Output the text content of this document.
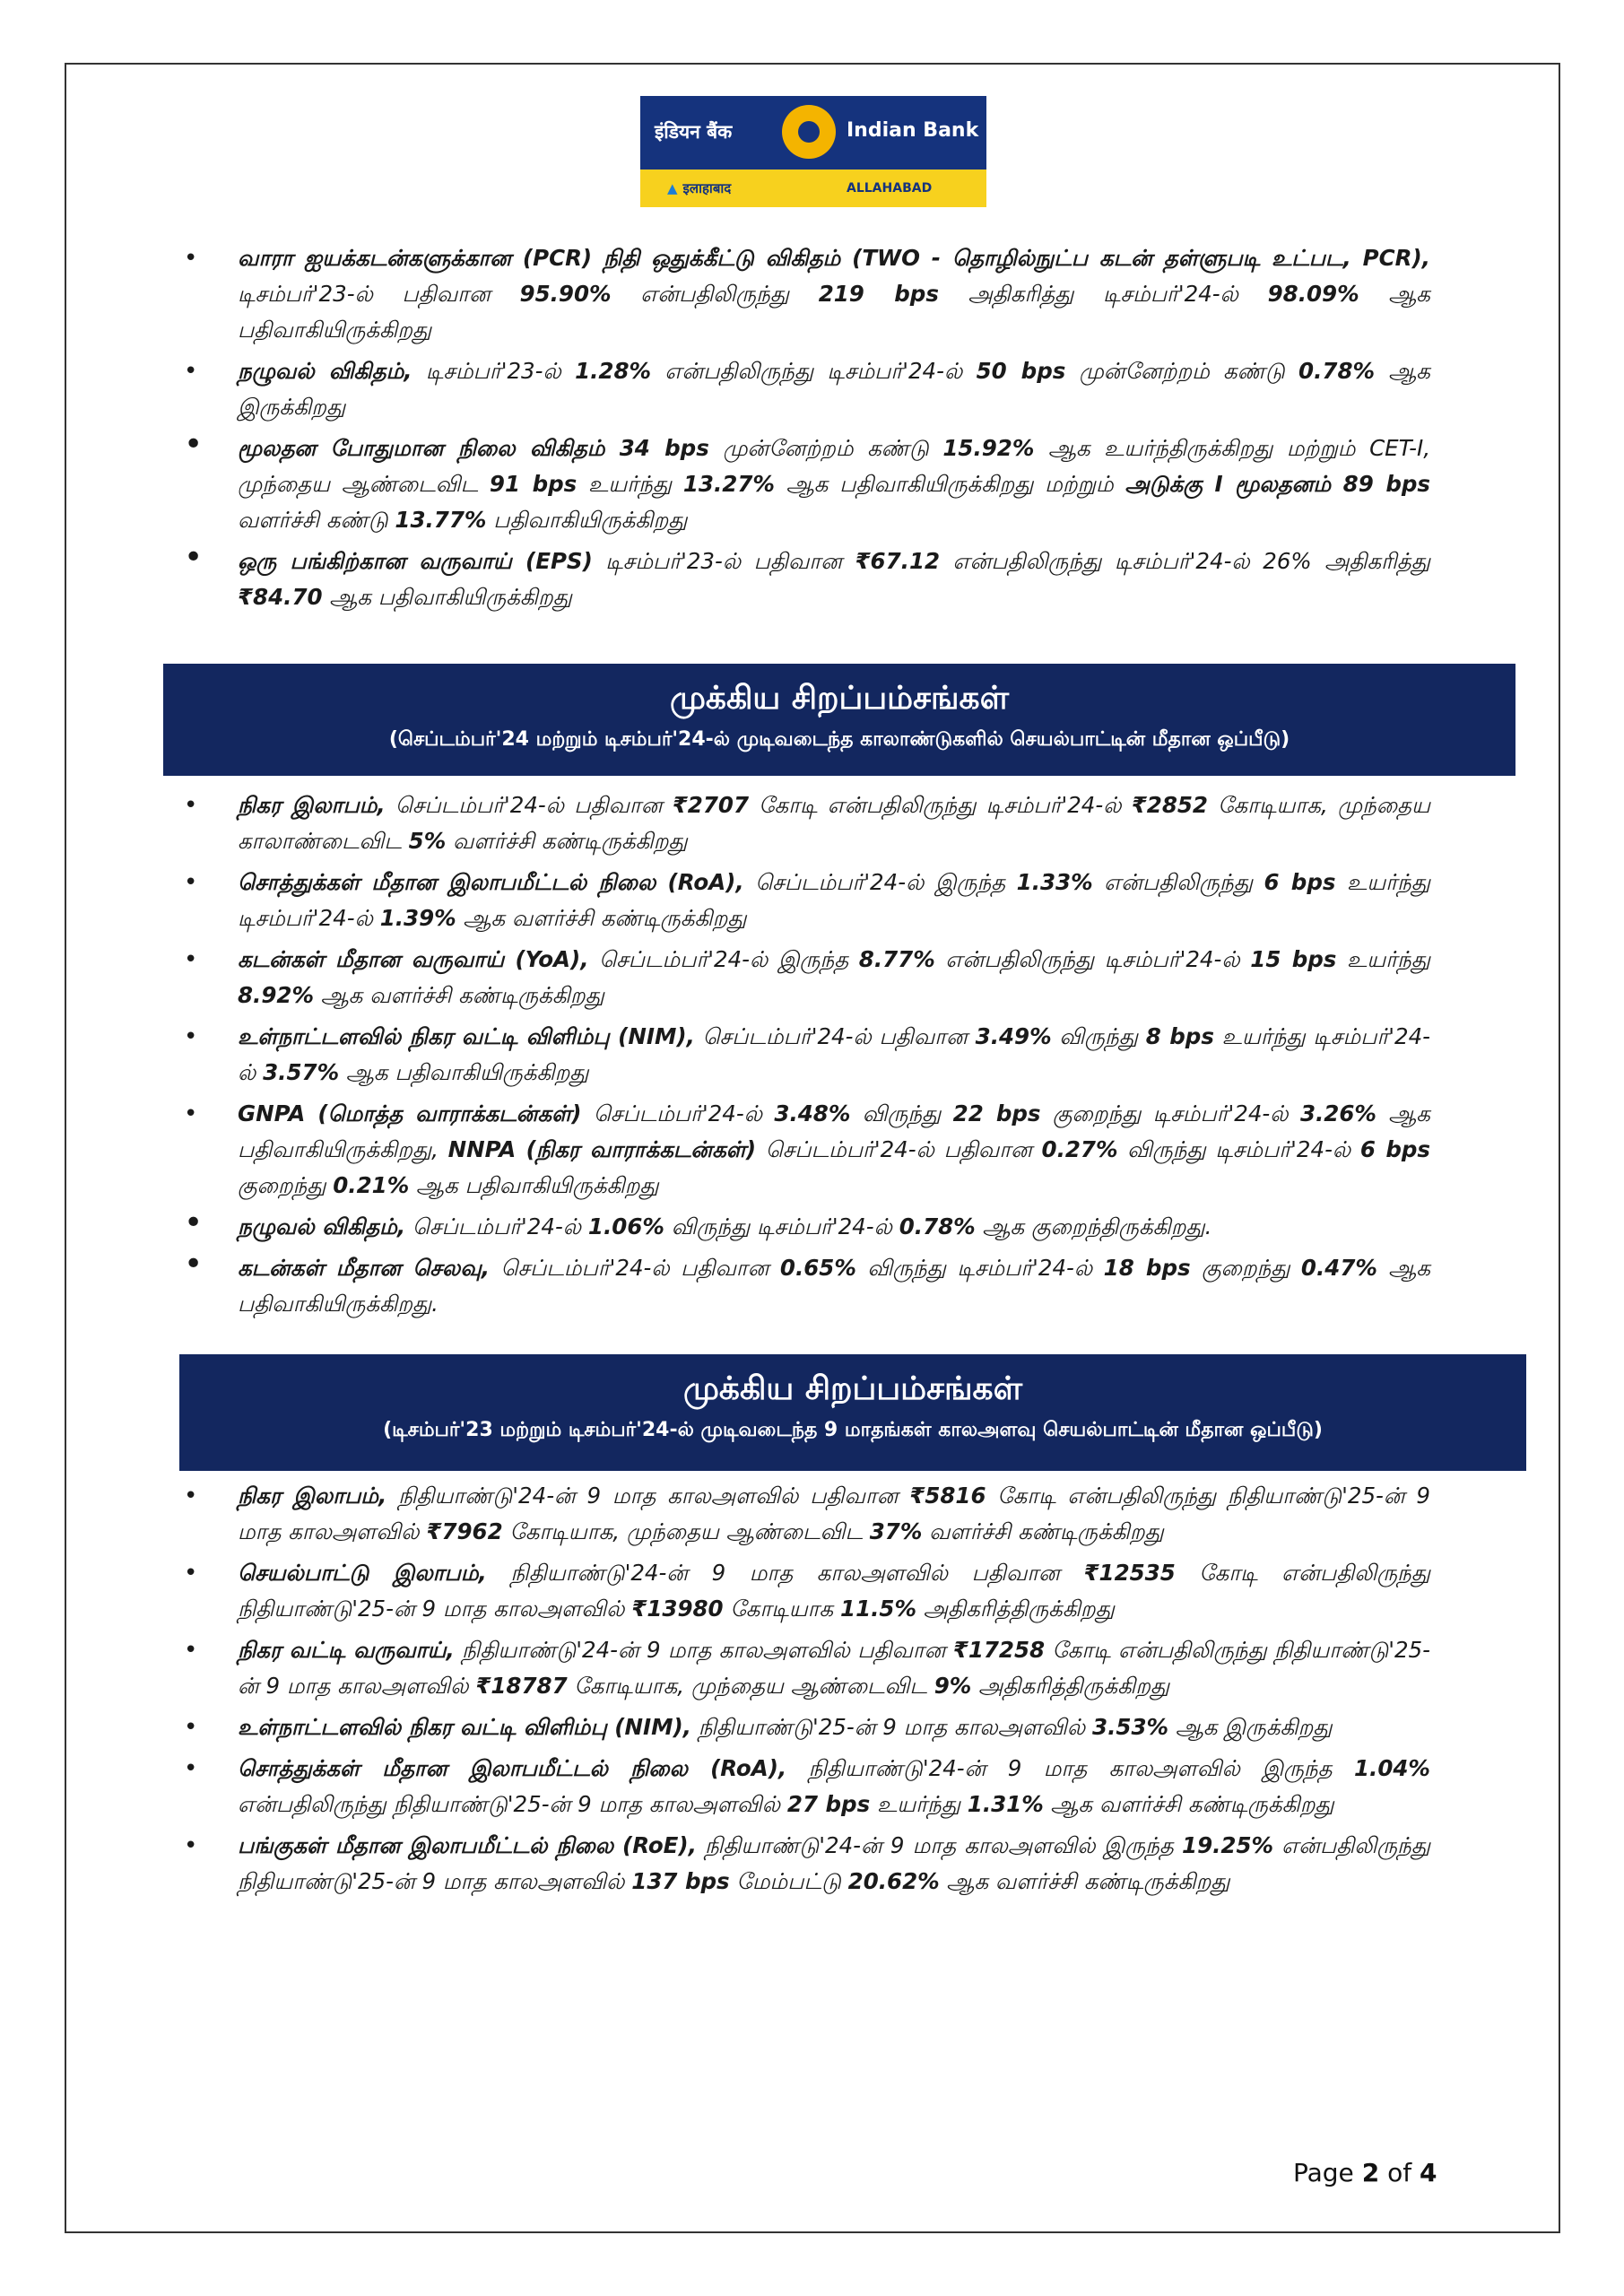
इंडियन बैंक	Indian Bank
▲ इलाहाबाद	ALLAHABAD
• வாரா ஐயக்கடன்களுக்கான (PCR) நிதி ஒதுக்கீட்டு விகிதம் (TWO - தொழில்நுட்ப கடன் தள்ளுபடி உட்பட, PCR), டிசம்பர்'23-ல் பதிவான 95.90% என்பதிலிருந்து 219 bps அதிகரித்து டிசம்பர்'24-ல் 98.09% ஆக பதிவாகியிருக்கிறது
• நழுவல் விகிதம், டிசம்பர்'23-ல் 1.28% என்பதிலிருந்து டிசம்பர்'24-ல் 50 bps முன்னேற்றம் கண்டு 0.78% ஆக இருக்கிறது
• மூலதன போதுமான நிலை விகிதம் 34 bps முன்னேற்றம் கண்டு 15.92% ஆக உயர்ந்திருக்கிறது மற்றும் CET-I, முந்தைய ஆண்டைவிட 91 bps உயர்ந்து 13.27% ஆக பதிவாகியிருக்கிறது மற்றும் அடுக்கு I மூலதனம் 89 bps வளர்ச்சி கண்டு 13.77% பதிவாகியிருக்கிறது
• ஒரு பங்கிற்கான வருவாய் (EPS) டிசம்பர்'23-ல் பதிவான ₹67.12 என்பதிலிருந்து டிசம்பர்'24-ல் 26% அதிகரித்து ₹84.70 ஆக பதிவாகியிருக்கிறது
முக்கிய சிறப்பம்சங்கள்
(செப்டம்பர்'24 மற்றும் டிசம்பர்'24-ல் முடிவடைந்த காலாண்டுகளில் செயல்பாட்டின் மீதான ஒப்பீடு)
• நிகர இலாபம், செப்டம்பர்'24-ல் பதிவான ₹2707 கோடி என்பதிலிருந்து டிசம்பர்'24-ல் ₹2852 கோடியாக, முந்தைய காலாண்டைவிட 5% வளர்ச்சி கண்டிருக்கிறது
• சொத்துக்கள் மீதான இலாபமீட்டல் நிலை (RoA), செப்டம்பர்'24-ல் இருந்த 1.33% என்பதிலிருந்து 6 bps உயர்ந்து டிசம்பர்'24-ல் 1.39% ஆக வளர்ச்சி கண்டிருக்கிறது
• கடன்கள் மீதான வருவாய் (YoA), செப்டம்பர்'24-ல் இருந்த 8.77% என்பதிலிருந்து டிசம்பர்'24-ல் 15 bps உயர்ந்து 8.92% ஆக வளர்ச்சி கண்டிருக்கிறது
• உள்நாட்டளவில் நிகர வட்டி விளிம்பு (NIM), செப்டம்பர்'24-ல் பதிவான 3.49% விருந்து 8 bps உயர்ந்து டிசம்பர்'24-ல் 3.57% ஆக பதிவாகியிருக்கிறது
• GNPA (மொத்த வாராக்கடன்கள்) செப்டம்பர்'24-ல் 3.48% விருந்து 22 bps குறைந்து டிசம்பர்'24-ல் 3.26% ஆக பதிவாகியிருக்கிறது, NNPA (நிகர வாராக்கடன்கள்) செப்டம்பர்'24-ல் பதிவான 0.27% விருந்து டிசம்பர்'24-ல் 6 bps குறைந்து 0.21% ஆக பதிவாகியிருக்கிறது
• நழுவல் விகிதம், செப்டம்பர்'24-ல் 1.06% விருந்து டிசம்பர்'24-ல் 0.78% ஆக குறைந்திருக்கிறது.
• கடன்கள் மீதான செலவு, செப்டம்பர்'24-ல் பதிவான 0.65% விருந்து டிசம்பர்'24-ல் 18 bps குறைந்து 0.47% ஆக பதிவாகியிருக்கிறது.
முக்கிய சிறப்பம்சங்கள்
(டிசம்பர்'23 மற்றும் டிசம்பர்'24-ல் முடிவடைந்த 9 மாதங்கள் காலஅளவு செயல்பாட்டின் மீதான ஒப்பீடு)
• நிகர இலாபம், நிதியாண்டு'24-ன் 9 மாத காலஅளவில் பதிவான ₹5816 கோடி என்பதிலிருந்து நிதியாண்டு'25-ன் 9 மாத காலஅளவில் ₹7962 கோடியாக, முந்தைய ஆண்டைவிட 37% வளர்ச்சி கண்டிருக்கிறது
• செயல்பாட்டு இலாபம், நிதியாண்டு'24-ன் 9 மாத காலஅளவில் பதிவான ₹12535 கோடி என்பதிலிருந்து நிதியாண்டு'25-ன் 9 மாத காலஅளவில் ₹13980 கோடியாக 11.5% அதிகரித்திருக்கிறது
• நிகர வட்டி வருவாய், நிதியாண்டு'24-ன் 9 மாத காலஅளவில் பதிவான ₹17258 கோடி என்பதிலிருந்து நிதியாண்டு'25-ன் 9 மாத காலஅளவில் ₹18787 கோடியாக, முந்தைய ஆண்டைவிட 9% அதிகரித்திருக்கிறது
• உள்நாட்டளவில் நிகர வட்டி விளிம்பு (NIM), நிதியாண்டு'25-ன் 9 மாத காலஅளவில் 3.53% ஆக இருக்கிறது
• சொத்துக்கள் மீதான இலாபமீட்டல் நிலை (RoA), நிதியாண்டு'24-ன் 9 மாத காலஅளவில் இருந்த 1.04% என்பதிலிருந்து நிதியாண்டு'25-ன் 9 மாத காலஅளவில் 27 bps உயர்ந்து 1.31% ஆக வளர்ச்சி கண்டிருக்கிறது
• பங்குகள் மீதான இலாபமீட்டல் நிலை (RoE), நிதியாண்டு'24-ன் 9 மாத காலஅளவில் இருந்த 19.25% என்பதிலிருந்து நிதியாண்டு'25-ன் 9 மாத காலஅளவில் 137 bps மேம்பட்டு 20.62% ஆக வளர்ச்சி கண்டிருக்கிறது
Page 2 of 4
